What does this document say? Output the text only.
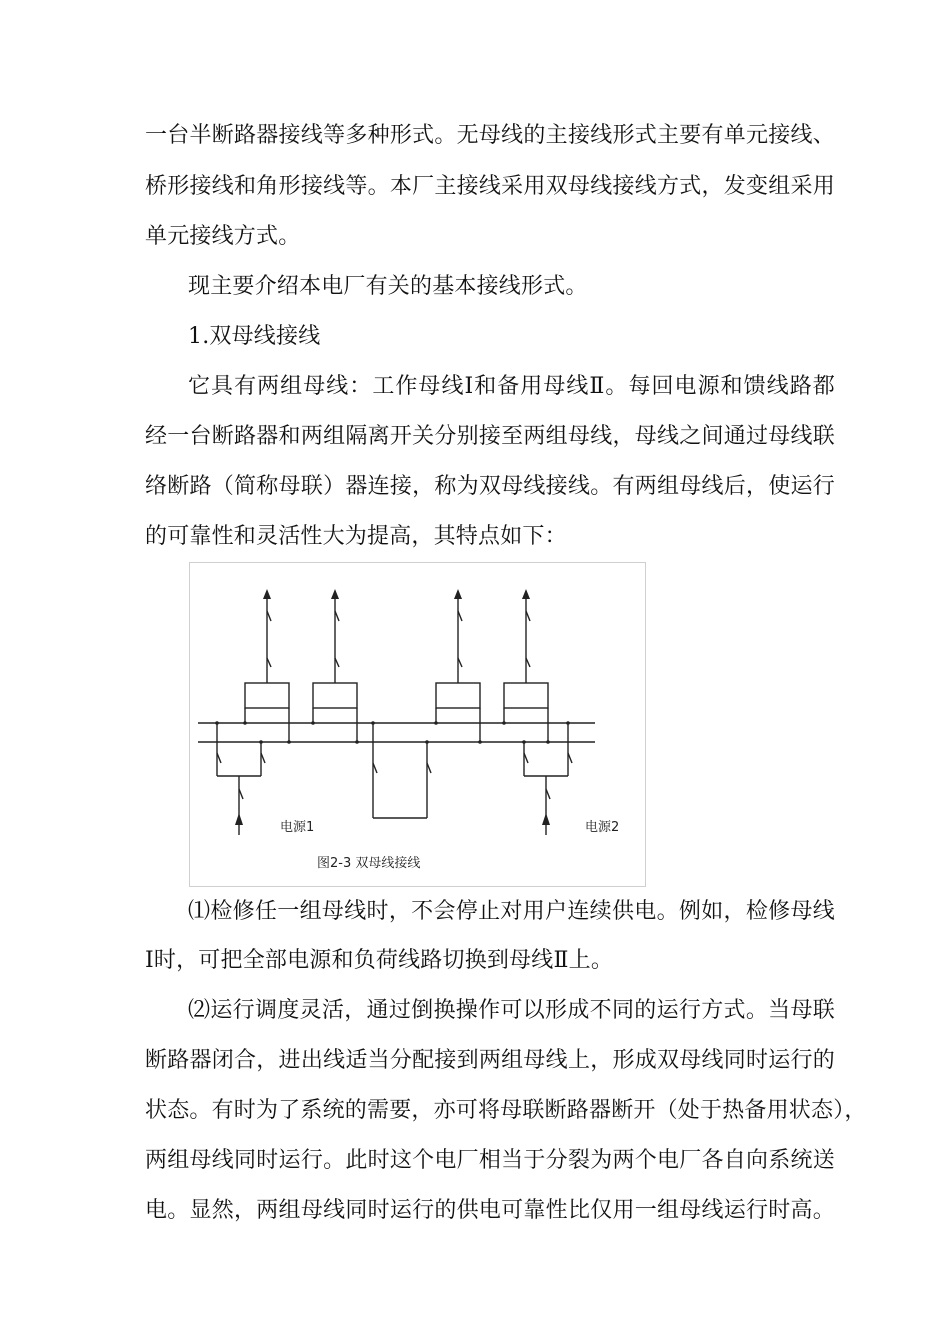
一台半断路器接线等多种形式。无母线的主接线形式主要有单元接线、
桥形接线和角形接线等。本厂主接线采用双母线接线方式，发变组采用
单元接线方式。
现主要介绍本电厂有关的基本接线形式。
1.双母线接线
它具有两组母线：工作母线Ⅰ和备用母线Ⅱ。每回电源和馈线路都
经一台断路器和两组隔离开关分别接至两组母线，母线之间通过母线联
络断路（简称母联）器连接，称为双母线接线。有两组母线后，使运行
的可靠性和灵活性大为提高，其特点如下：
电源1	电源2
图2-3 双母线接线
⑴检修任一组母线时，不会停止对用户连续供电。例如，检修母线
Ⅰ时，可把全部电源和负荷线路切换到母线Ⅱ上。
⑵运行调度灵活，通过倒换操作可以形成不同的运行方式。当母联
断路器闭合，进出线适当分配接到两组母线上，形成双母线同时运行的
状态。有时为了系统的需要，亦可将母联断路器断开（处于热备用状态），
两组母线同时运行。此时这个电厂相当于分裂为两个电厂各自向系统送
电。显然，两组母线同时运行的供电可靠性比仅用一组母线运行时高。
